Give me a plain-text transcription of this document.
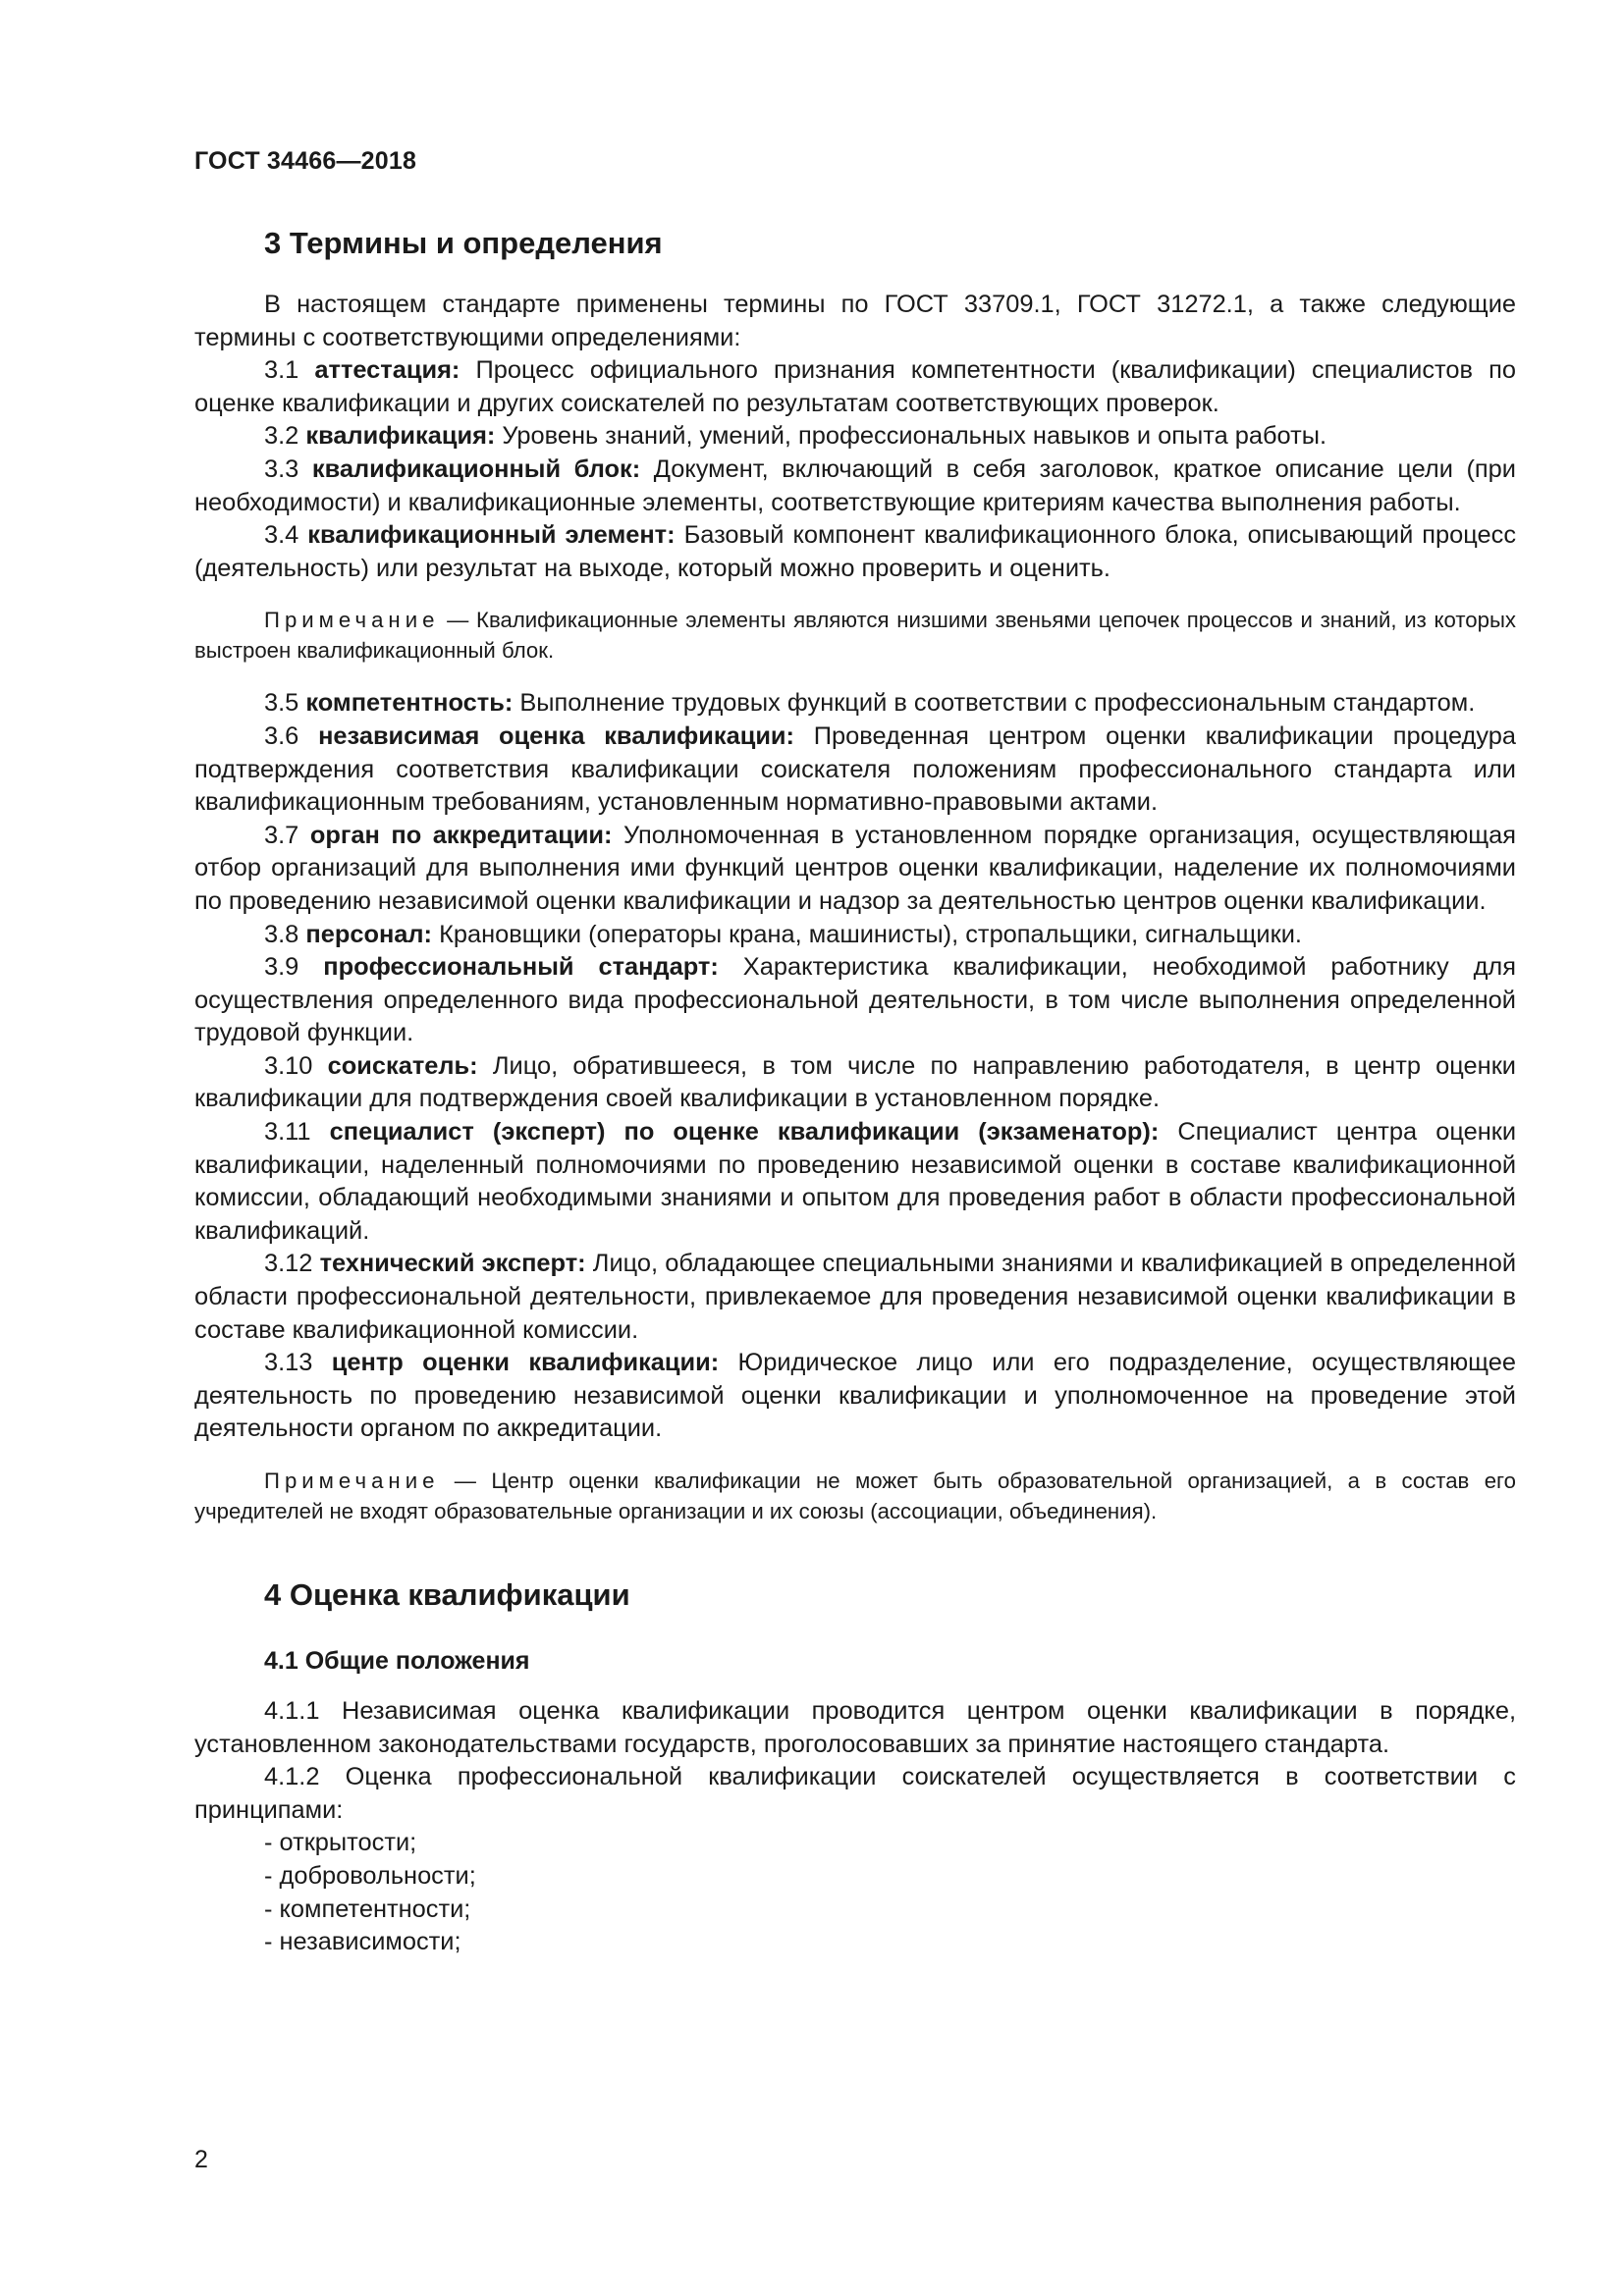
ГОСТ 34466—2018
3 Термины и определения

В настоящем стандарте применены термины по ГОСТ 33709.1, ГОСТ 31272.1, а также следующие термины с соответствующими определениями:

3.1 аттестация: Процесс официального признания компетентности (квалификации) специалистов по оценке квалификации и других соискателей по результатам соответствующих проверок.

3.2 квалификация: Уровень знаний, умений, профессиональных навыков и опыта работы.

3.3 квалификационный блок: Документ, включающий в себя заголовок, краткое описание цели (при необходимости) и квалификационные элементы, соответствующие критериям качества выполнения работы.

3.4 квалификационный элемент: Базовый компонент квалификационного блока, описывающий процесс (деятельность) или результат на выходе, который можно проверить и оценить.

Примечание — Квалификационные элементы являются низшими звеньями цепочек процессов и знаний, из которых выстроен квалификационный блок.

3.5 компетентность: Выполнение трудовых функций в соответствии с профессиональным стандартом.

3.6 независимая оценка квалификации: Проведенная центром оценки квалификации процедура подтверждения соответствия квалификации соискателя положениям профессионального стандарта или квалификационным требованиям, установленным нормативно-правовыми актами.

3.7 орган по аккредитации: Уполномоченная в установленном порядке организация, осуществляющая отбор организаций для выполнения ими функций центров оценки квалификации, наделение их полномочиями по проведению независимой оценки квалификации и надзор за деятельностью центров оценки квалификации.

3.8 персонал: Крановщики (операторы крана, машинисты), стропальщики, сигнальщики.

3.9 профессиональный стандарт: Характеристика квалификации, необходимой работнику для осуществления определенного вида профессиональной деятельности, в том числе выполнения определенной трудовой функции.

3.10 соискатель: Лицо, обратившееся, в том числе по направлению работодателя, в центр оценки квалификации для подтверждения своей квалификации в установленном порядке.

3.11 специалист (эксперт) по оценке квалификации (экзаменатор): Специалист центра оценки квалификации, наделенный полномочиями по проведению независимой оценки в составе квалификационной комиссии, обладающий необходимыми знаниями и опытом для проведения работ в области профессиональной квалификаций.

3.12 технический эксперт: Лицо, обладающее специальными знаниями и квалификацией в определенной области профессиональной деятельности, привлекаемое для проведения независимой оценки квалификации в составе квалификационной комиссии.

3.13 центр оценки квалификации: Юридическое лицо или его подразделение, осуществляющее деятельность по проведению независимой оценки квалификации и уполномоченное на проведение этой деятельности органом по аккредитации.

Примечание — Центр оценки квалификации не может быть образовательной организацией, а в состав его учредителей не входят образовательные организации и их союзы (ассоциации, объединения).

4 Оценка квалификации
4.1 Общие положения

4.1.1 Независимая оценка квалификации проводится центром оценки квалификации в порядке, установленном законодательствами государств, проголосовавших за принятие настоящего стандарта.

4.1.2 Оценка профессиональной квалификации соискателей осуществляется в соответствии с принципами:

- открытости;
- добровольности;
- компетентности;
- независимости;
2
